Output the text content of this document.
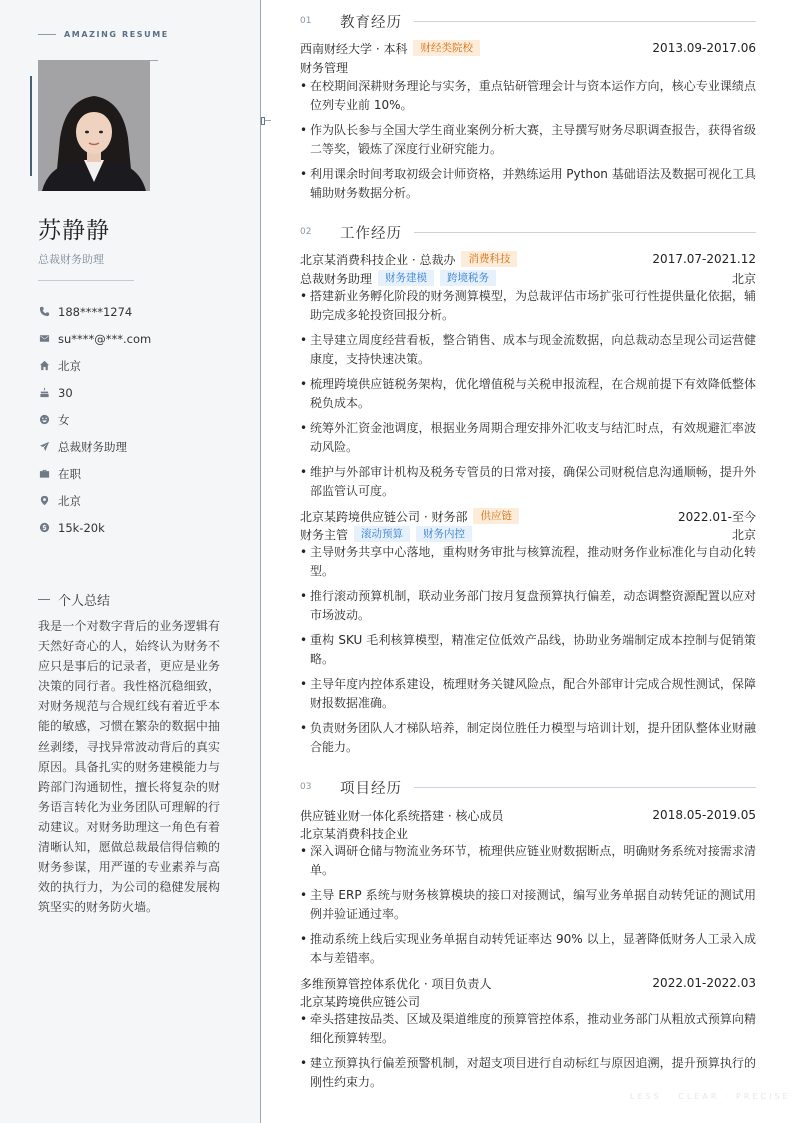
AMAZING RESUME
苏静静
总裁财务助理
188****1274
su****@***.com
北京
30
女
总裁财务助理
在职
北京
15k-20k
个人总结

我是一个对数字背后的业务逻辑有天然好奇心的人，始终认为财务不应只是事后的记录者，更应是业务决策的同行者。我性格沉稳细致，对财务规范与合规红线有着近乎本能的敏感，习惯在繁杂的数据中抽丝剥缕，寻找异常波动背后的真实原因。具备扎实的财务建模能力与跨部门沟通韧性，擅长将复杂的财务语言转化为业务团队可理解的行动建议。对财务助理这一角色有着清晰认知，愿做总裁最信得信赖的财务参谋，用严谨的专业素养与高效的执行力，为公司的稳健发展构筑坚实的财务防火墙。

01	教育经历
西南财经大学 · 本科	财经类院校	2013.09-2017.06
财务管理
• 在校期间深耕财务理论与实务，重点钻研管理会计与资本运作方向，核心专业课绩点位列专业前 10%。
• 作为队长参与全国大学生商业案例分析大赛，主导撰写财务尽职调查报告，获得省级二等奖，锻炼了深度行业研究能力。
• 利用课余时间考取初级会计师资格，并熟练运用 Python 基础语法及数据可视化工具辅助财务数据分析。
02	工作经历
北京某消费科技企业 · 总裁办	消费科技	2017.07-2021.12
总裁财务助理	财务建模	跨境税务	北京
• 搭建新业务孵化阶段的财务测算模型，为总裁评估市场扩张可行性提供量化依据，辅助完成多轮投资回报分析。
• 主导建立周度经营看板，整合销售、成本与现金流数据，向总裁动态呈现公司运营健康度，支持快速决策。
• 梳理跨境供应链税务架构，优化增值税与关税申报流程，在合规前提下有效降低整体税负成本。
• 统筹外汇资金池调度，根据业务周期合理安排外汇收支与结汇时点，有效规避汇率波动风险。
• 维护与外部审计机构及税务专管员的日常对接，确保公司财税信息沟通顺畅，提升外部监管认可度。
北京某跨境供应链公司 · 财务部	供应链	2022.01-至今
财务主管	滚动预算	财务内控	北京
• 主导财务共享中心落地，重构财务审批与核算流程，推动财务作业标准化与自动化转型。
• 推行滚动预算机制，联动业务部门按月复盘预算执行偏差，动态调整资源配置以应对市场波动。
• 重构 SKU 毛利核算模型，精准定位低效产品线，协助业务端制定成本控制与促销策略。
• 主导年度内控体系建设，梳理财务关键风险点，配合外部审计完成合规性测试，保障财报数据准确。
• 负责财务团队人才梯队培养，制定岗位胜任力模型与培训计划，提升团队整体业财融合能力。
03	项目经历
供应链业财一体化系统搭建 · 核心成员	2018.05-2019.05
北京某消费科技企业
• 深入调研仓储与物流业务环节，梳理供应链业财数据断点，明确财务系统对接需求清单。
• 主导 ERP 系统与财务核算模块的接口对接测试，编写业务单据自动转凭证的测试用例并验证通过率。
• 推动系统上线后实现业务单据自动转凭证率达 90% 以上，显著降低财务人工录入成本与差错率。
多维预算管控体系优化 · 项目负责人	2022.01-2022.03
北京某跨境供应链公司
• 牵头搭建按品类、区域及渠道维度的预算管控体系，推动业务部门从粗放式预算向精细化预算转型。
• 建立预算执行偏差预警机制，对超支项目进行自动标红与原因追溯，提升预算执行的刚性约束力。
LESS · CLEAR · PRECISE
